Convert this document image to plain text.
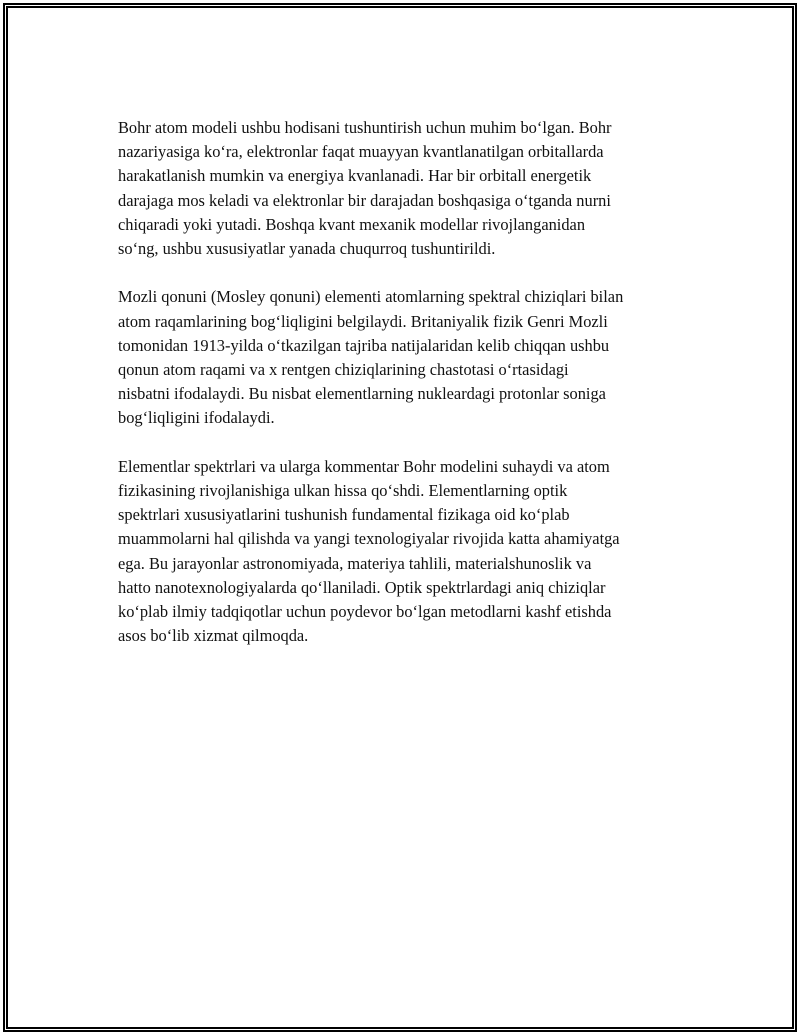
Bohr atom modeli ushbu hodisani tushuntirish uchun muhim bo‘lgan. Bohr
nazariyasiga ko‘ra, elektronlar faqat muayyan kvantlanatilgan orbitallarda
harakatlanish mumkin va energiya kvanlanadi. Har bir orbitall energetik
darajaga mos keladi va elektronlar bir darajadan boshqasiga o‘tganda nurni
chiqaradi yoki yutadi. Boshqa kvant mexanik modellar rivojlanganidan
so‘ng, ushbu xususiyatlar yanada chuqurroq tushuntirildi.

Mozli qonuni (Mosley qonuni) elementi atomlarning spektral chiziqlari bilan
atom raqamlarining bog‘liqligini belgilaydi. Britaniyalik fizik Genri Mozli
tomonidan 1913-yilda o‘tkazilgan tajriba natijalaridan kelib chiqqan ushbu
qonun atom raqami va x rentgen chiziqlarining chastotasi o‘rtasidagi
nisbatni ifodalaydi. Bu nisbat elementlarning nukleardagi protonlar soniga
bog‘liqligini ifodalaydi.

Elementlar spektrlari va ularga kommentar Bohr modelini suhaydi va atom
fizikasining rivojlanishiga ulkan hissa qo‘shdi. Elementlarning optik
spektrlari xususiyatlarini tushunish fundamental fizikaga oid ko‘plab
muammolarni hal qilishda va yangi texnologiyalar rivojida katta ahamiyatga
ega. Bu jarayonlar astronomiyada, materiya tahlili, materialshunoslik va
hatto nanotexnologiyalarda qo‘llaniladi. Optik spektrlardagi aniq chiziqlar
ko‘plab ilmiy tadqiqotlar uchun poydevor bo‘lgan metodlarni kashf etishda
asos bo‘lib xizmat qilmoqda.
